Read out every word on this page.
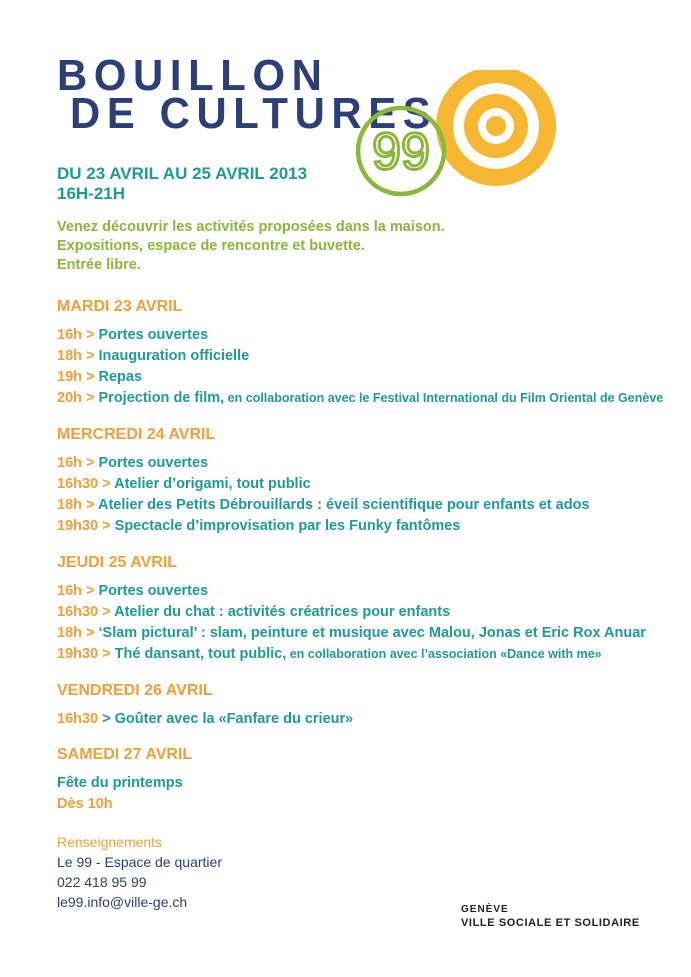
BOUILLON
DE CULTURES
99
DU 23 AVRIL AU 25 AVRIL 2013
16H-21H
Venez découvrir les activités proposées dans la maison.
Expositions, espace de rencontre et buvette.
Entrée libre.
MARDI 23 AVRIL
16h > Portes ouvertes
18h > Inauguration officielle
19h > Repas
20h > Projection de film, en collaboration avec le Festival International du Film Oriental de Genève
MERCREDI 24 AVRIL
16h > Portes ouvertes
16h30 > Atelier d’origami, tout public
18h > Atelier des Petits Débrouillards : éveil scientifique pour enfants et ados
19h30 > Spectacle d’improvisation par les Funky fantômes
JEUDI 25 AVRIL
16h > Portes ouvertes
16h30 > Atelier du chat : activités créatrices pour enfants
18h > ‘Slam pictural’ : slam, peinture et musique avec Malou, Jonas et Eric Rox Anuar
19h30 > Thé dansant, tout public, en collaboration avec l’association «Dance with me»
VENDREDI 26 AVRIL
16h30 > Goûter avec la «Fanfare du crieur»
SAMEDI 27 AVRIL
Fête du printemps
Dès 10h
Renseignements
Le 99 - Espace de quartier
022 418 95 99
le99.info@ville-ge.ch	GENÈVE
VILLE SOCIALE ET SOLIDAIRE
